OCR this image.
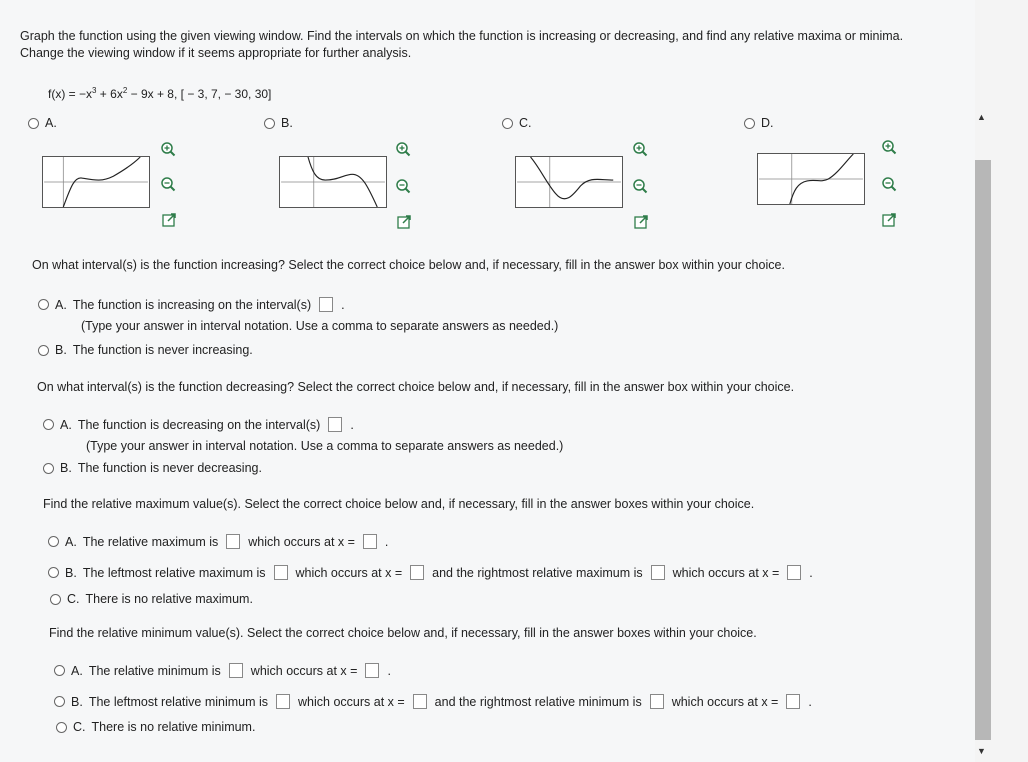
Graph the function using the given viewing window. Find the intervals on which the function is increasing or decreasing, and find any relative maxima or minima.
Change the viewing window if it seems appropriate for further analysis.
$f(x) = -x^3 + 6x^2 - 9x + 8$, [ − 3, 7, − 30, 30]
A.	B.	C.	D.
On what interval(s) is the function increasing? Select the correct choice below and, if necessary, fill in the answer box within your choice.
A. The function is increasing on the interval(s) .
(Type your answer in interval notation. Use a comma to separate answers as needed.)
B. The function is never increasing.
On what interval(s) is the function decreasing? Select the correct choice below and, if necessary, fill in the answer box within your choice.
A. The function is decreasing on the interval(s) .
(Type your answer in interval notation. Use a comma to separate answers as needed.)
B. The function is never decreasing.
Find the relative maximum value(s). Select the correct choice below and, if necessary, fill in the answer boxes within your choice.
A. The relative maximum is which occurs at x = .
B. The leftmost relative maximum is which occurs at x = and the rightmost relative maximum is which occurs at x = .
C. There is no relative maximum.
Find the relative minimum value(s). Select the correct choice below and, if necessary, fill in the answer boxes within your choice.
A. The relative minimum is which occurs at x = .
B. The leftmost relative minimum is which occurs at x = and the rightmost relative minimum is which occurs at x = .
C. There is no relative minimum.
▲
▼
